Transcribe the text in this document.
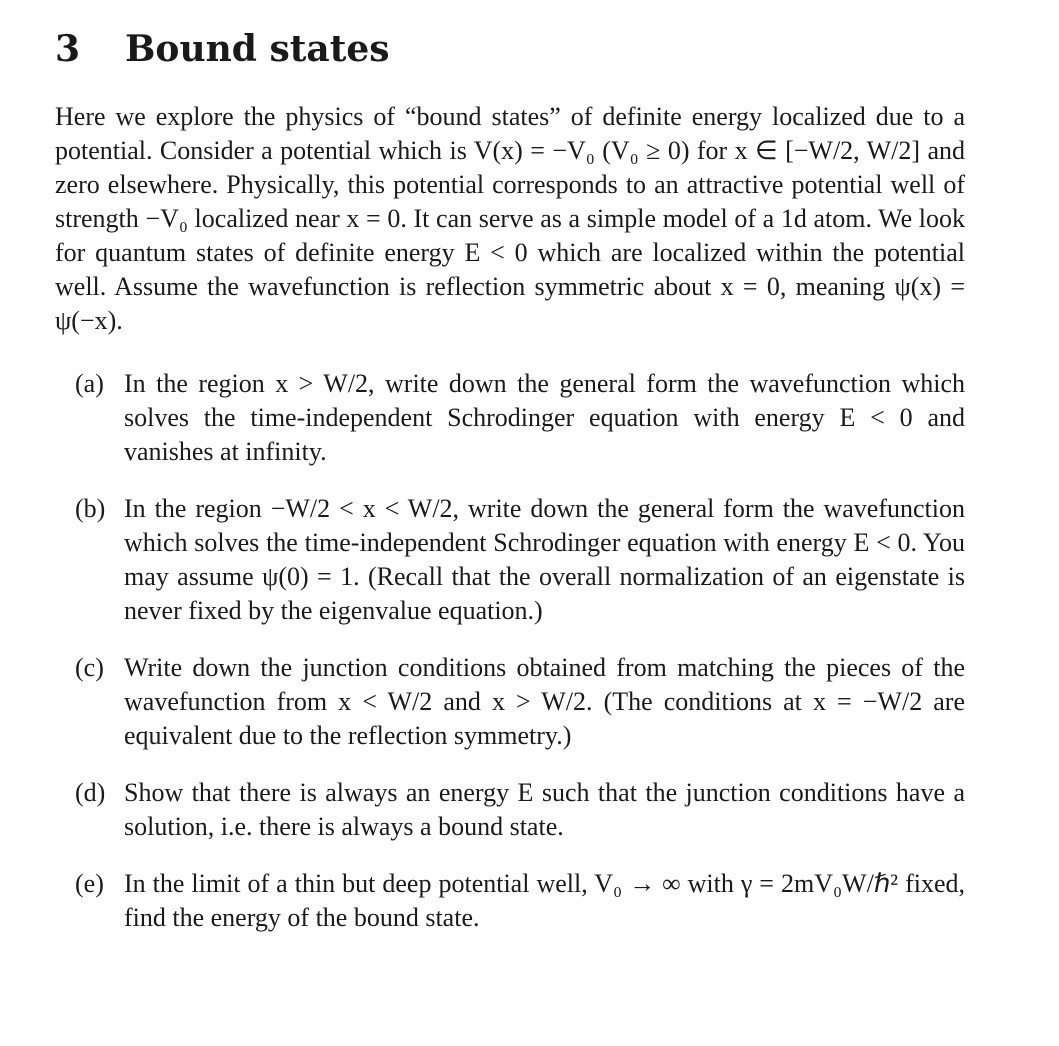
3 Bound states

Here we explore the physics of “bound states” of definite energy localized due to a potential. Consider a potential which is V(x) = −V₀ (V₀ ≥ 0) for x ∈ [−W/2, W/2] and zero elsewhere. Physically, this potential corresponds to an attractive potential well of strength −V₀ localized near x = 0. It can serve as a simple model of a 1d atom. We look for quantum states of definite energy E < 0 which are localized within the potential well. Assume the wavefunction is reflection symmetric about x = 0, meaning ψ(x) = ψ(−x).

(a) In the region x > W/2, write down the general form the wavefunction which solves the time-independent Schrodinger equation with energy E < 0 and vanishes at infinity.

(b) In the region −W/2 < x < W/2, write down the general form the wavefunction which solves the time-independent Schrodinger equation with energy E < 0. You may assume ψ(0) = 1. (Recall that the overall normalization of an eigenstate is never fixed by the eigenvalue equation.)

(c) Write down the junction conditions obtained from matching the pieces of the wavefunction from x < W/2 and x > W/2. (The conditions at x = −W/2 are equivalent due to the reflection symmetry.)

(d) Show that there is always an energy E such that the junction conditions have a solution, i.e. there is always a bound state.

(e) In the limit of a thin but deep potential well, V₀ → ∞ with γ = 2mV₀W/ℏ² fixed, find the energy of the bound state.
